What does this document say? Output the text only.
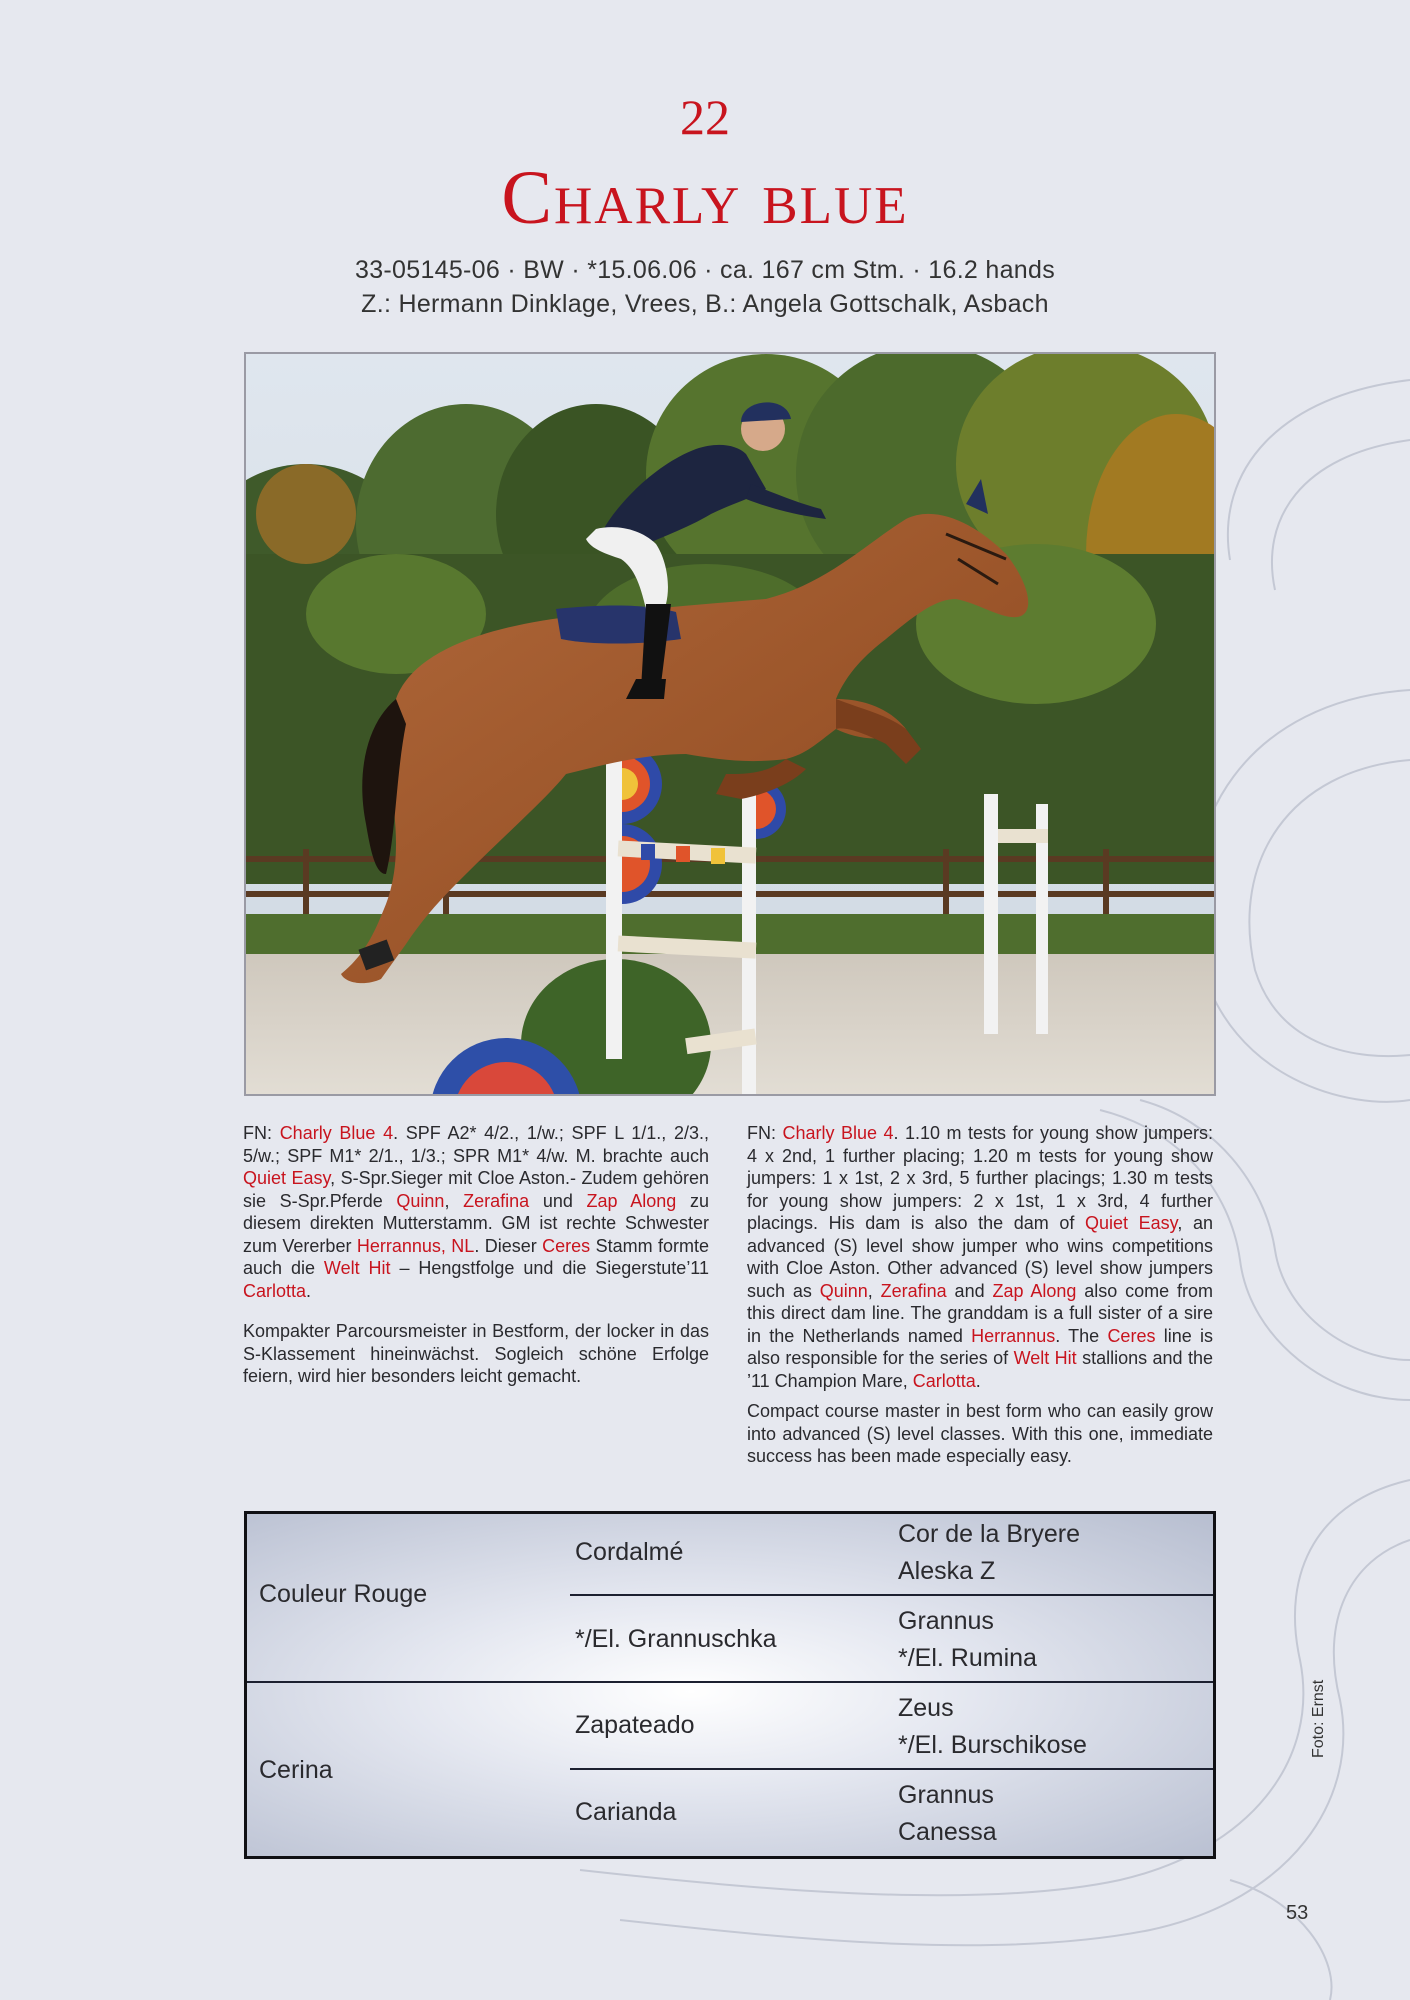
22
Charly blue
33-05145-06 · BW · *15.06.06 · ca. 167 cm Stm. · 16.2 hands
Z.: Hermann Dinklage, Vrees, B.: Angela Gottschalk, Asbach

FN: Charly Blue 4. SPF A2* 4/2., 1/w.; SPF L 1/1., 2/3., 5/w.; SPF M1* 2/1., 1/3.; SPR M1* 4/w. M. brachte auch Quiet Easy, S-Spr.Sieger mit Cloe Aston.- Zudem gehören sie S-Spr.Pferde Quinn, Zerafina und Zap Along zu diesem direkten Mutterstamm. GM ist rechte Schwester zum Vererber Herrannus, NL. Dieser Ceres Stamm formte auch die Welt Hit – Hengstfolge und die Siegerstute’11 Carlotta.

Kompakter Parcoursmeister in Bestform, der locker in das S-Klassement hineinwächst. Sogleich schöne Erfolge feiern, wird hier besonders leicht gemacht.

FN: Charly Blue 4. 1.10 m tests for young show jumpers: 4 x 2nd, 1 further placing; 1.20 m tests for young show jumpers: 1 x 1st, 2 x 3rd, 5 further placings; 1.30 m tests for young show jumpers: 2 x 1st, 1 x 3rd, 4 further placings. His dam is also the dam of Quiet Easy, an advanced (S) level show jumper who wins competitions with Cloe Aston. Other advanced (S) level show jumpers such as Quinn, Zerafina and Zap Along also come from this direct dam line. The granddam is a full sister of a sire in the Netherlands named Herrannus. The Ceres line is also responsible for the series of Welt Hit stallions and the ’11 Champion Mare, Carlotta.

Compact course master in best form who can easily grow into advanced (S) level classes. With this one, immediate success has been made especially easy.

Couleur Rouge
Cerina
Cordalmé
*/El. Grannuschka
Zapateado
Carianda
Cor de la Bryere
Aleska Z
Grannus
*/El. Rumina
Zeus
*/El. Burschikose
Grannus
Canessa
Foto: Ernst
53
